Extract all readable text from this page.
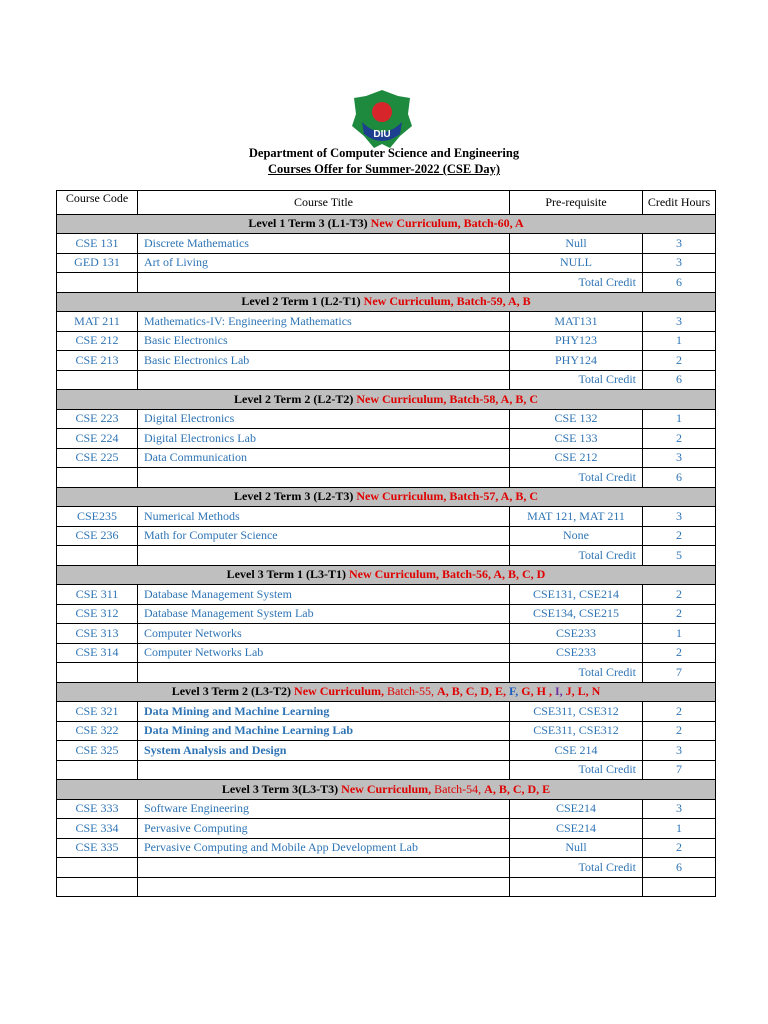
DIU
Department of Computer Science and Engineering
Courses Offer for Summer-2022 (CSE Day)
Course Code	Course Title	Pre-requisite	Credit Hours
Level 1 Term 3 (L1-T3) New Curriculum, Batch-60, A			
CSE 131	Discrete Mathematics	Null	3
GED 131	Art of Living	NULL	3
		Total Credit	6
Level 2 Term 1 (L2-T1) New Curriculum, Batch-59, A, B			
MAT 211	Mathematics-IV: Engineering Mathematics	MAT131	3
CSE 212	Basic Electronics	PHY123	1
CSE 213	Basic Electronics Lab	PHY124	2
		Total Credit	6
Level 2 Term 2 (L2-T2) New Curriculum, Batch-58, A, B, C			
CSE 223	Digital Electronics	CSE 132	1
CSE 224	Digital Electronics Lab	CSE 133	2
CSE 225	Data Communication	CSE 212	3
		Total Credit	6
Level 2 Term 3 (L2-T3) New Curriculum, Batch-57, A, B, C			
CSE235	Numerical Methods	MAT 121, MAT 211	3
CSE 236	Math for Computer Science	None	2
		Total Credit	5
Level 3 Term 1 (L3-T1) New Curriculum, Batch-56, A, B, C, D			
CSE 311	Database Management System	CSE131, CSE214	2
CSE 312	Database Management System Lab	CSE134, CSE215	2
CSE 313	Computer Networks	CSE233	1
CSE 314	Computer Networks Lab	CSE233	2
		Total Credit	7
Level 3 Term 2 (L3-T2) New Curriculum, Batch-55, A, B, C, D, E, F, G, H , I, J, L, N			
CSE 321	Data Mining and Machine Learning	CSE311, CSE312	2
CSE 322	Data Mining and Machine Learning Lab	CSE311, CSE312	2
CSE 325	System Analysis and Design	CSE 214	3
		Total Credit	7
Level 3 Term 3(L3-T3) New Curriculum, Batch-54, A, B, C, D, E			
CSE 333	Software Engineering	CSE214	3
CSE 334	Pervasive Computing	CSE214	1
CSE 335	Pervasive Computing and Mobile App Development Lab	Null	2
		Total Credit	6
